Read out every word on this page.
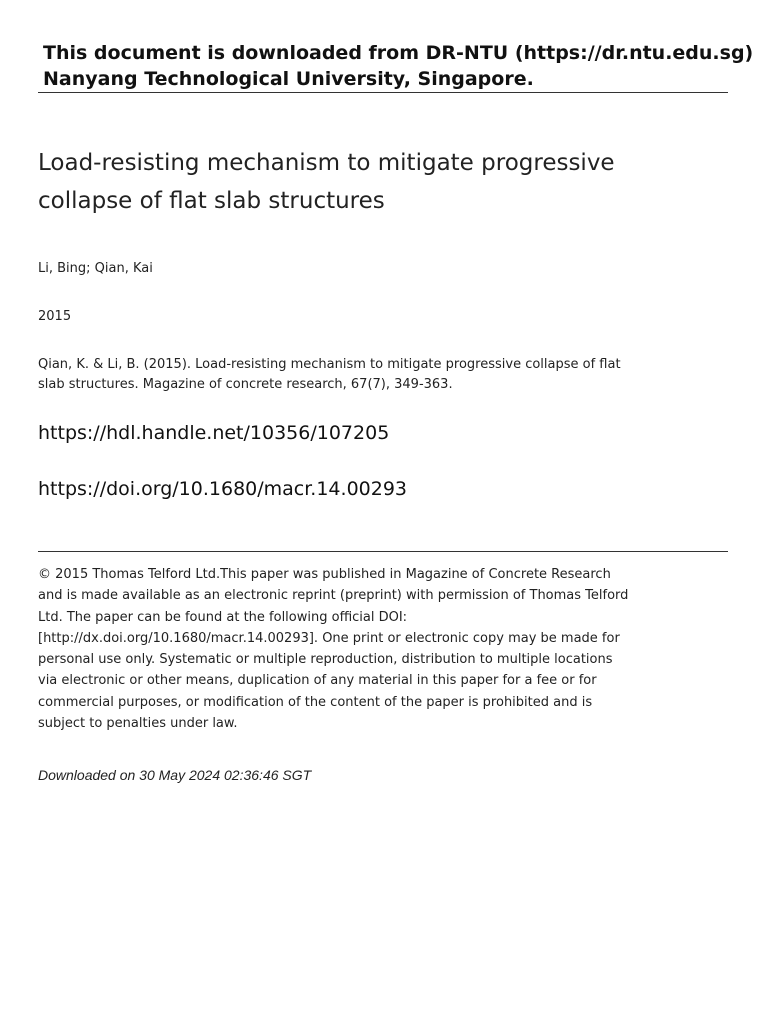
This document is downloaded from DR‑NTU (https://dr.ntu.edu.sg)
Nanyang Technological University, Singapore.
Load‑resisting mechanism to mitigate progressive
collapse of flat slab structures
Li, Bing; Qian, Kai
2015
Qian, K. & Li, B. (2015). Load‑resisting mechanism to mitigate progressive collapse of flat
slab structures. Magazine of concrete research, 67(7), 349‑363.
https://hdl.handle.net/10356/107205
https://doi.org/10.1680/macr.14.00293
© 2015 Thomas Telford Ltd.This paper was published in Magazine of Concrete Research
and is made available as an electronic reprint (preprint) with permission of Thomas Telford
Ltd. The paper can be found at the following official DOI:
[http://dx.doi.org/10.1680/macr.14.00293]. One print or electronic copy may be made for
personal use only. Systematic or multiple reproduction, distribution to multiple locations
via electronic or other means, duplication of any material in this paper for a fee or for
commercial purposes, or modification of the content of the paper is prohibited and is
subject to penalties under law.
Downloaded on 30 May 2024 02:36:46 SGT
